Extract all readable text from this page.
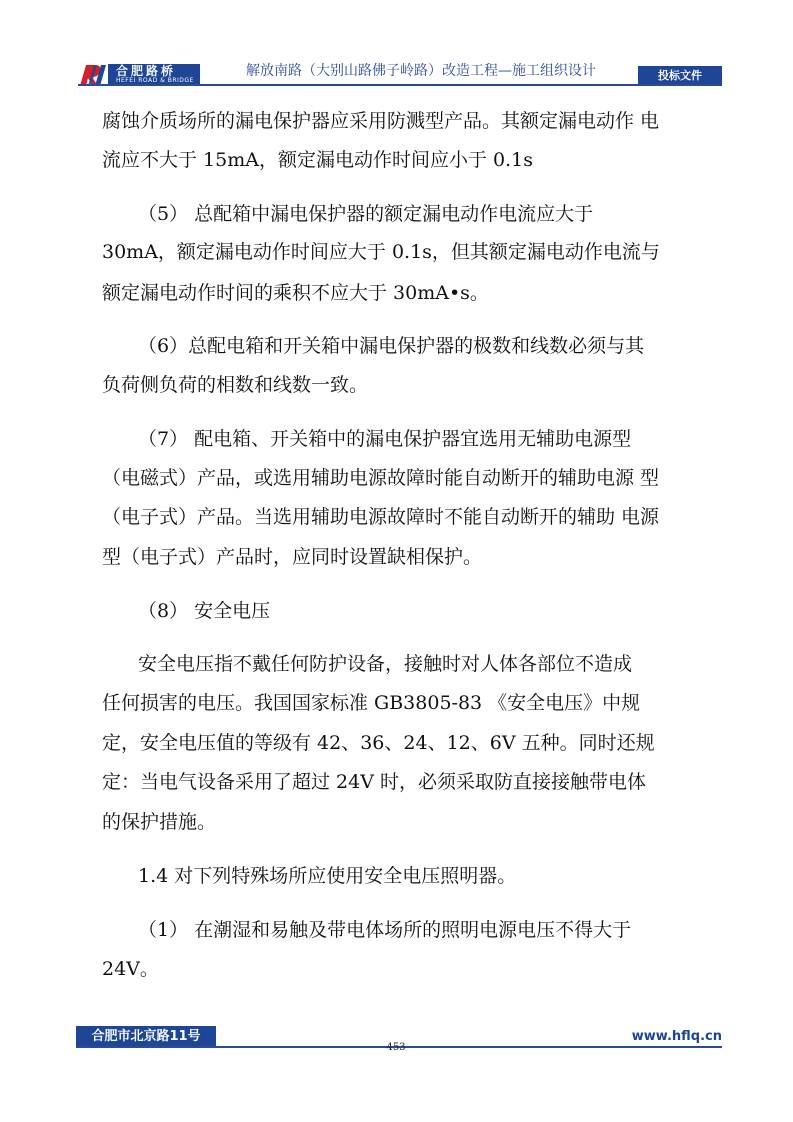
合肥路桥
HEFEI ROAD & BRIDGE
解放南路（大别山路佛子岭路）改造工程—施工组织设计	投标文件
腐蚀介质场所的漏电保护器应采用防溅型产品。其额定漏电动作 电
流应不大于 15mA，额定漏电动作时间应小于 0.1s
（5） 总配箱中漏电保护器的额定漏电动作电流应大于
30mA，额定漏电动作时间应大于 0.1s，但其额定漏电动作电流与
额定漏电动作时间的乘积不应大于 30mA•s。
（6）总配电箱和开关箱中漏电保护器的极数和线数必须与其
负荷侧负荷的相数和线数一致。
（7） 配电箱、开关箱中的漏电保护器宜选用无辅助电源型
（电磁式）产品，或选用辅助电源故障时能自动断开的辅助电源 型
（电子式）产品。当选用辅助电源故障时不能自动断开的辅助 电源
型（电子式）产品时，应同时设置缺相保护。
（8） 安全电压
安全电压指不戴任何防护设备，接触时对人体各部位不造成
任何损害的电压。我国国家标准 GB3805-83 《安全电压》中规
定，安全电压值的等级有 42、36、24、12、6V 五种。同时还规
定：当电气设备采用了超过 24V 时，必须采取防直接接触带电体
的保护措施。
1.4 对下列特殊场所应使用安全电压照明器。
（1） 在潮湿和易触及带电体场所的照明电源电压不得大于
24V。
合肥市北京路11号	www.hflq.cn
453
